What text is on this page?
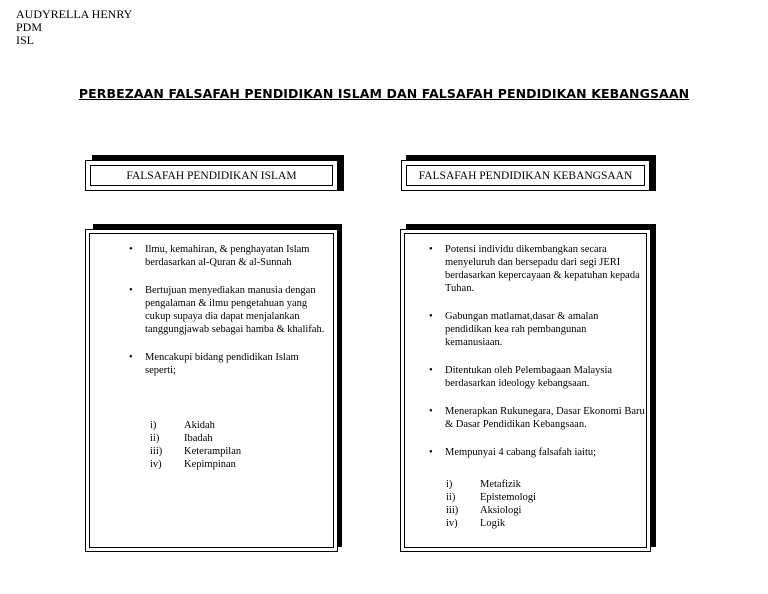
AUDYRELLA HENRY
PDM
ISL
PERBEZAAN FALSAFAH PENDIDIKAN ISLAM DAN FALSAFAH PENDIDIKAN KEBANGSAAN
FALSAFAH PENDIDIKAN ISLAM	FALSAFAH PENDIDIKAN KEBANGSAAN
• Ilmu, kemahiran, & penghayatan Islam berdasarkan al-Quran & al-Sunnah
• Bertujuan menyediakan manusia dengan pengalaman & ilmu pengetahuan yang cukup supaya dia dapat menjalankan tanggungjawab sebagai hamba & khalifah.
• Mencakupi bidang pendidikan Islam seperti;
i)	Akidah
ii)	Ibadah
iii)	Keterampilan
iv)	Kepimpinan
• Potensi individu dikembangkan secara menyeluruh dan bersepadu dari segi JERI berdasarkan kepercayaan & kepatuhan kepada Tuhan.
• Gabungan matlamat,dasar & amalan pendidikan kea rah pembangunan kemanusiaan.
• Ditentukan oleh Pelembagaan Malaysia berdasarkan ideology kebangsaan.
• Menerapkan Rukunegara, Dasar Ekonomi Baru & Dasar Pendidikan Kebangsaan.
• Mempunyai 4 cabang falsafah iaitu;
i)	Metafizik
ii)	Epistemologi
iii)	Aksiologi
iv)	Logik
